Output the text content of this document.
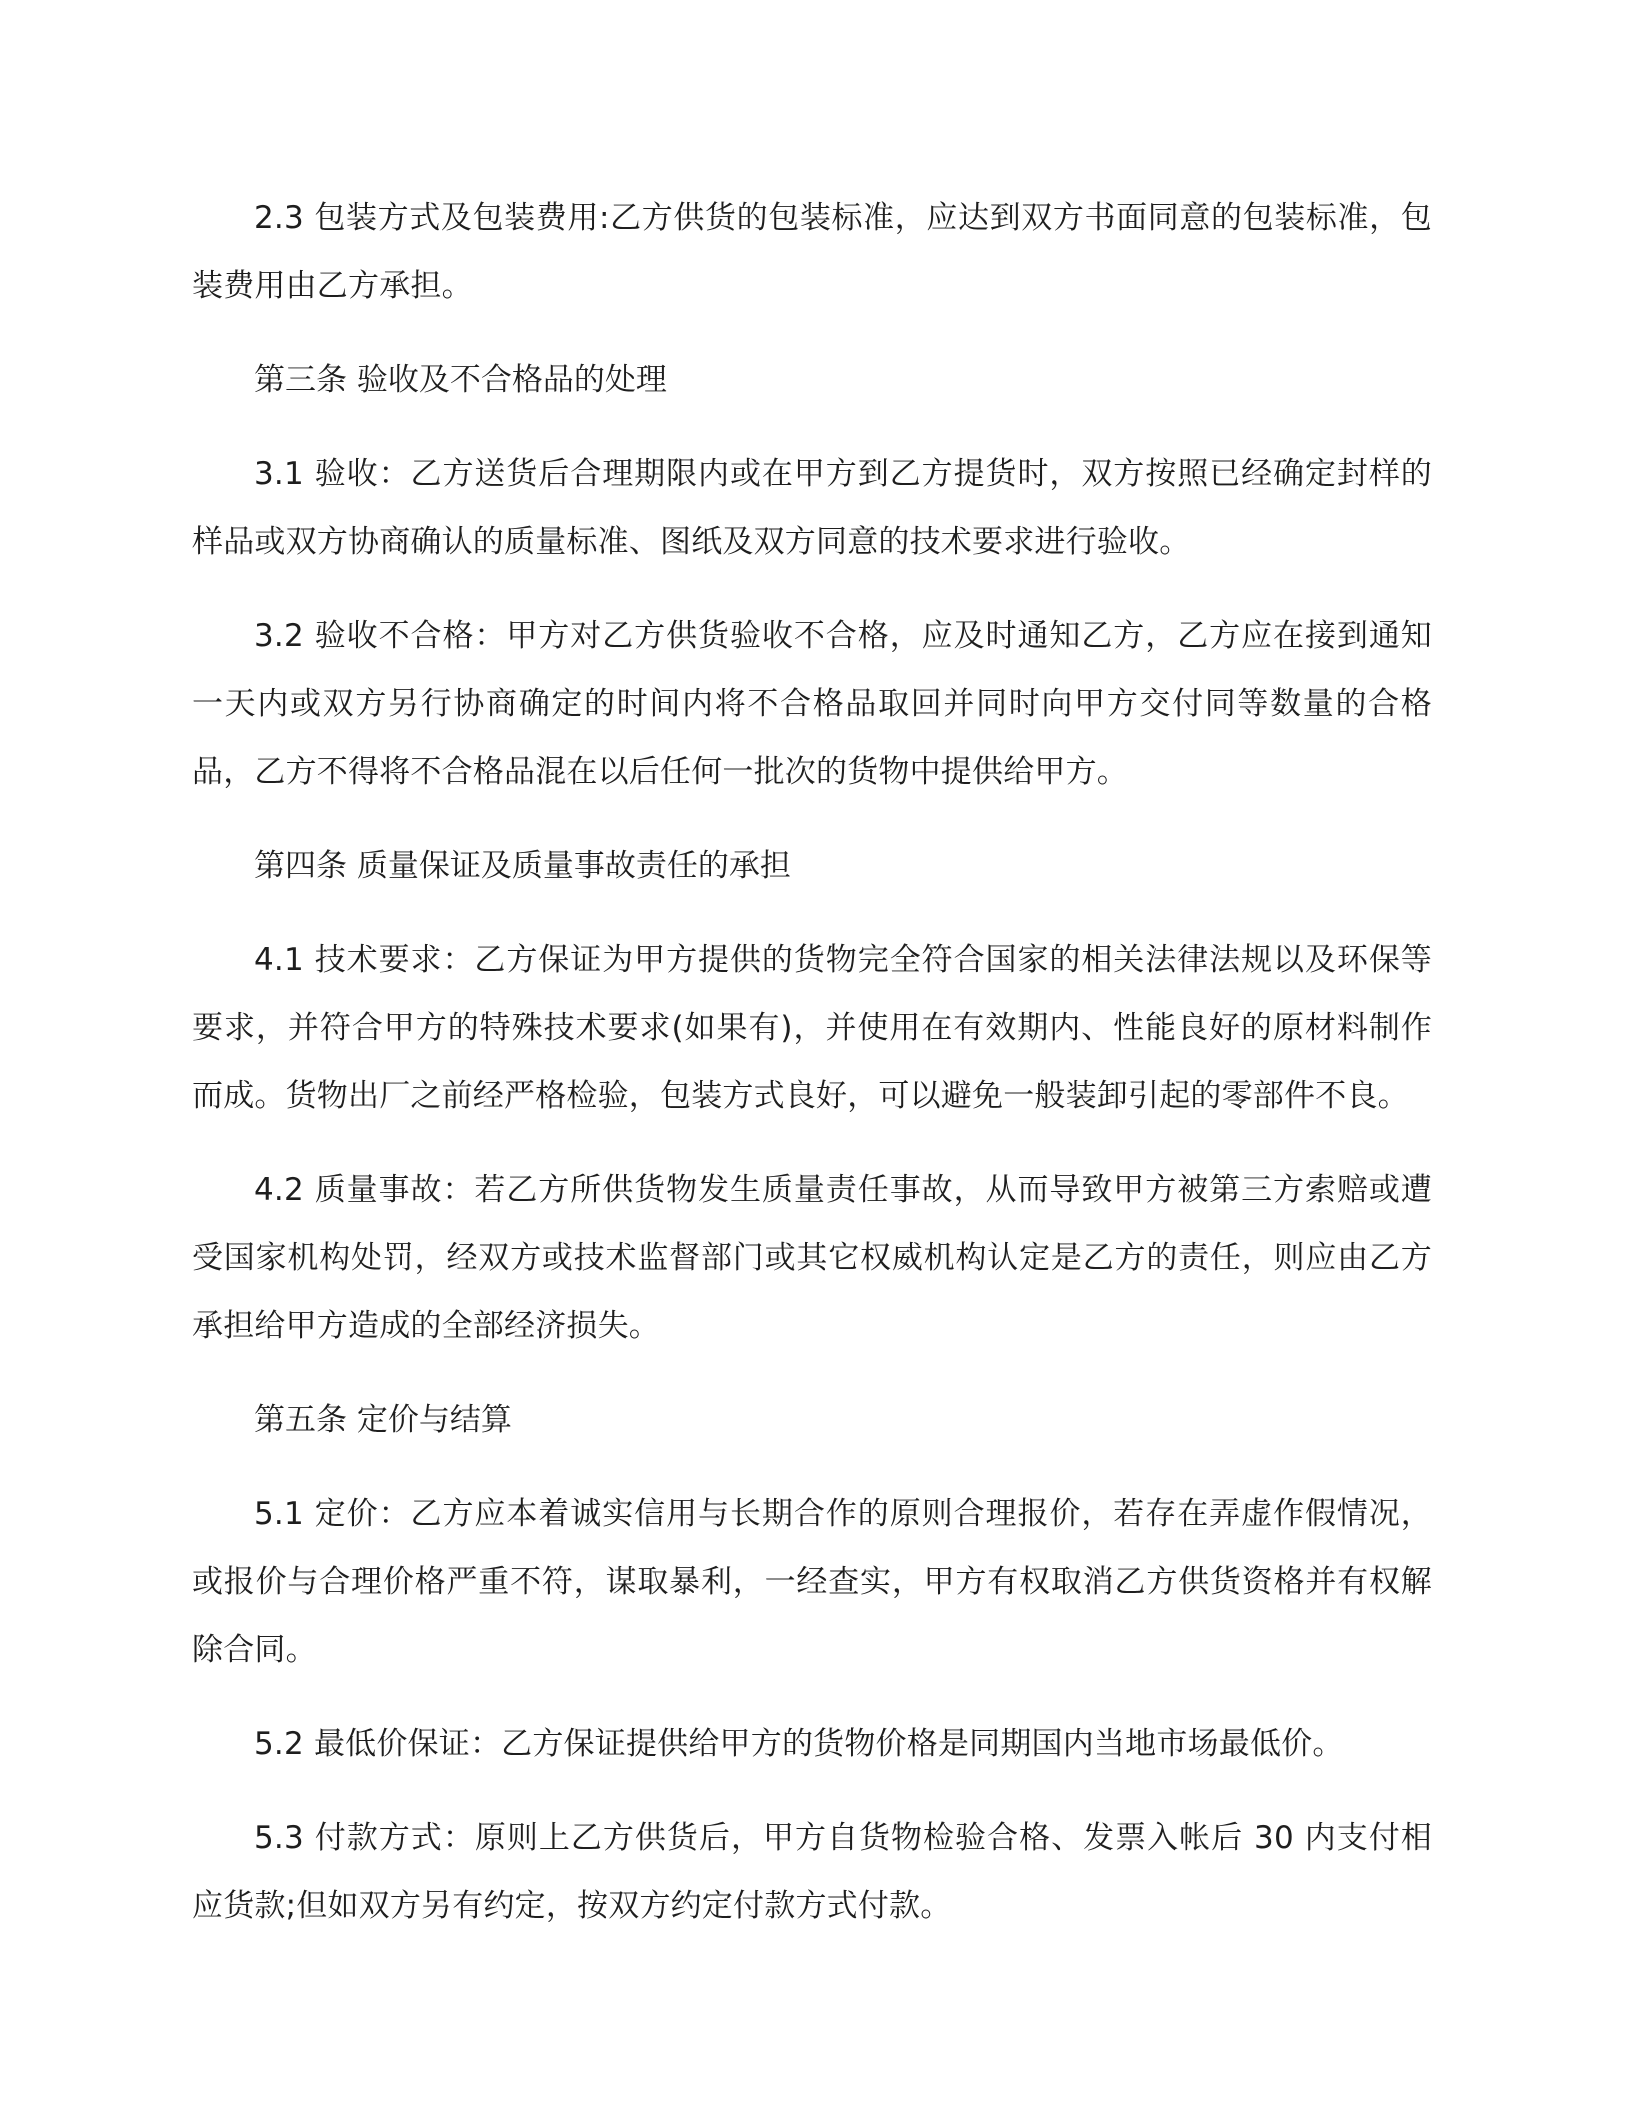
2.3 包装方式及包装费用:乙方供货的包装标准，应达到双方书面同意的包装标准，包装费用由乙方承担。

第三条 验收及不合格品的处理

3.1 验收：乙方送货后合理期限内或在甲方到乙方提货时，双方按照已经确定封样的样品或双方协商确认的质量标准、图纸及双方同意的技术要求进行验收。

3.2 验收不合格：甲方对乙方供货验收不合格，应及时通知乙方，乙方应在接到通知一天内或双方另行协商确定的时间内将不合格品取回并同时向甲方交付同等数量的合格品，乙方不得将不合格品混在以后任何一批次的货物中提供给甲方。

第四条 质量保证及质量事故责任的承担

4.1 技术要求：乙方保证为甲方提供的货物完全符合国家的相关法律法规以及环保等要求，并符合甲方的特殊技术要求(如果有)，并使用在有效期内、性能良好的原材料制作而成。货物出厂之前经严格检验，包装方式良好，可以避免一般装卸引起的零部件不良。

4.2 质量事故：若乙方所供货物发生质量责任事故，从而导致甲方被第三方索赔或遭受国家机构处罚，经双方或技术监督部门或其它权威机构认定是乙方的责任，则应由乙方承担给甲方造成的全部经济损失。

第五条 定价与结算

5.1 定价：乙方应本着诚实信用与长期合作的原则合理报价，若存在弄虚作假情况，或报价与合理价格严重不符，谋取暴利，一经查实，甲方有权取消乙方供货资格并有权解除合同。

5.2 最低价保证：乙方保证提供给甲方的货物价格是同期国内当地市场最低价。

5.3 付款方式：原则上乙方供货后，甲方自货物检验合格、发票入帐后 30 内支付相应货款;但如双方另有约定，按双方约定付款方式付款。
